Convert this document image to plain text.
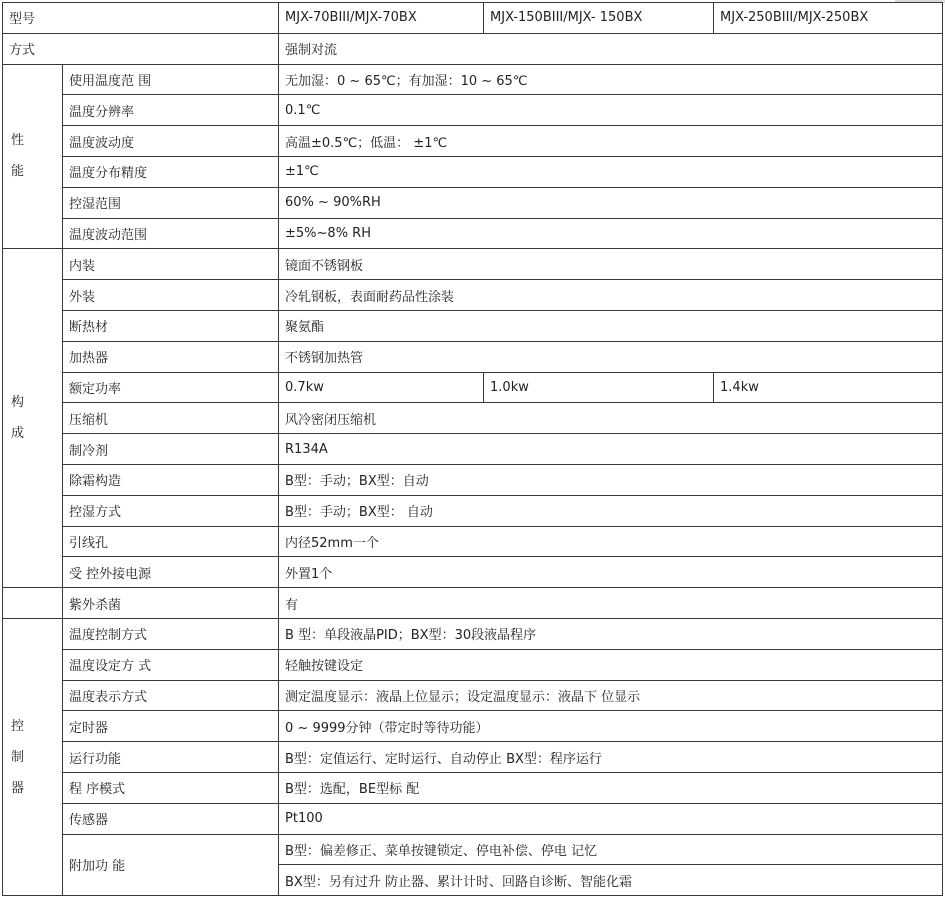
型号		MJX-70BIII/MJX-70BX	MJX-150BIII/MJX- 150BX	MJX-250BIII/MJX-250BX
方式		强制对流		

性
能	使用温度范 围	无加湿：0 ~ 65℃；有加湿：10 ~ 65℃		
	温度分辨率	0.1℃		
	温度波动度	高温±0.5℃；低温： ±1℃		
	温度分布精度	±1℃		
	控湿范围	60% ~ 90%RH		
	温度波动范围	±5%~8% RH		

构
成	内装	镜面不锈钢板		
	外装	冷轧钢板，表面耐药品性涂装		
	断热材	聚氨酯		
	加热器	不锈钢加热管		
	额定功率	0.7kw	1.0kw	1.4kw
	压缩机	风冷密闭压缩机		
	制冷剂	R134A		
	除霜构造	B型：手动；BX型：自动		
	控湿方式	B型：手动；BX型： 自动		
	引线孔	内径52mm一个		
	受 控外接电源	外置1个		
	紫外杀菌	有		

控
制
器	温度控制方式	B 型：单段液晶PID；BX型：30段液晶程序		
	温度设定方 式	轻触按键设定		
	温度表示方式	测定温度显示：液晶上位显示；设定温度显示：液晶下 位显示		
	定时器	0 ~ 9999分钟（带定时等待功能）		
	运行功能	B型：定值运行、定时运行、自动停止 BX型：程序运行		
	程 序模式	B型：选配，BE型标 配		
	传感器	Pt100		
	附加功 能	B型：偏差修正、菜单按键锁定、停电补偿、停电 记忆		
		BX型：另有过升 防止器、累计计时、回路自诊断、智能化霜		
